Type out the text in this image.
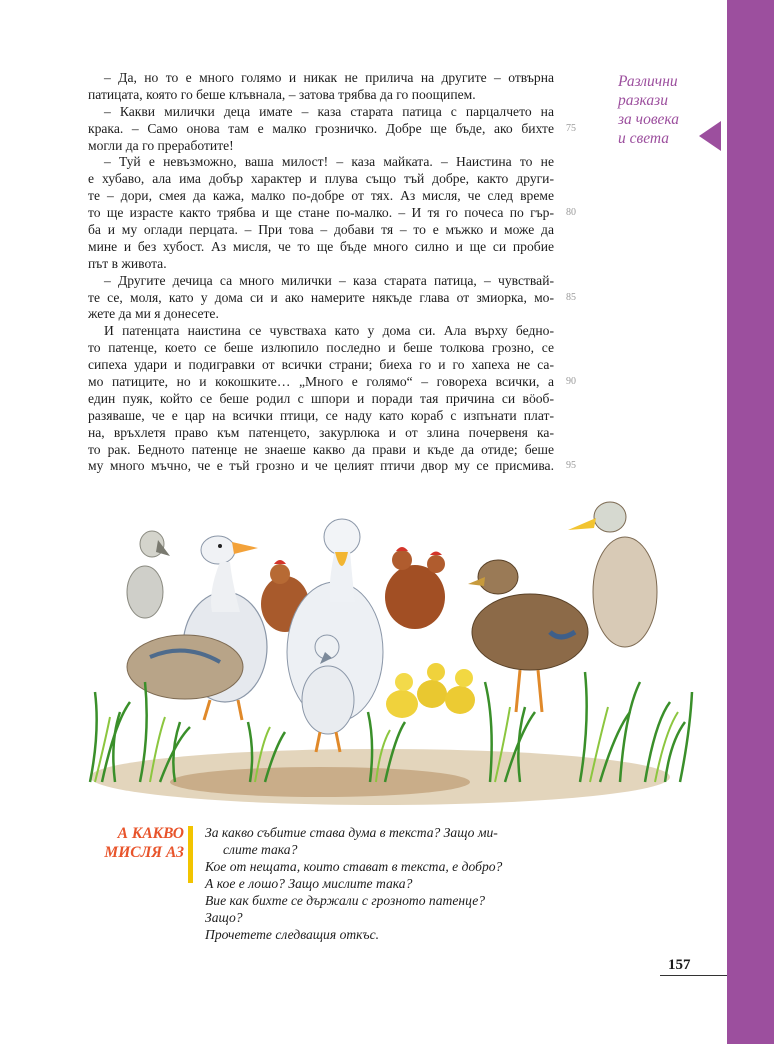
Различни
разкази
за човека
и света
– Да, но то е много голямо и никак не прилича на другите – отвърна
патицата, която го беше клъвнала, – затова трябва да го поощипем.
– Какви милички деца имате – каза старата патица с парцалчето на
крака. – Само онова там е малко грозничко. Добре ще бъде, ако бихте
могли да го преработите!
– Туй е невъзможно, ваша милост! – каза майката. – Наистина то не
е хубаво, ала има добър характер и плува също тъй добре, както други-
те – дори, смея да кажа, малко по-добре от тях. Аз мисля, че след време
то ще израсте както трябва и ще стане по-малко. – И тя го почеса по гър-
ба и му оглади перцата. – При това – добави тя – то е мъжко и може да
мине и без хубост. Аз мисля, че то ще бъде много силно и ще си пробие
път в живота.
– Другите дечица са много милички – каза старата патица, – чувствай-
те се, моля, като у дома си и ако намерите някъде глава от змиорка, мо-
жете да ми я донесете.
И патенцата наистина се чувстваха като у дома си. Ала върху бедно-
то патенце, което се беше излюпило последно и беше толкова грозно, се
сипеха удари и подигравки от всички страни; биеха го и го хапеха не са-
мо патиците, но и кокошките… „Много е голямо“ – говореха всички, а
един пуяк, който се беше родил с шпори и поради тая причина си вöоб-
разяваше, че е цар на всички птици, се наду като кораб с изпънати плат-
на, връхлетя право към патенцето, закурлюка и от злина почервеня ка-
то рак. Бедното патенце не знаеше какво да прави и къде да отиде; беше
му много мъчно, че е тъй грозно и че целият птичи двор му се присмива.
75
80
85
90
95
А КАКВО
МИСЛЯ АЗ
За какво събитие става дума в текста? Защо ми-
слите така?
Кое от нещата, които стават в текста, е добро?
А кое е лошо? Защо мислите така?
Вие как бихте се държали с грозното патенце?
Защо?
Прочетете следващия откъс.
157
